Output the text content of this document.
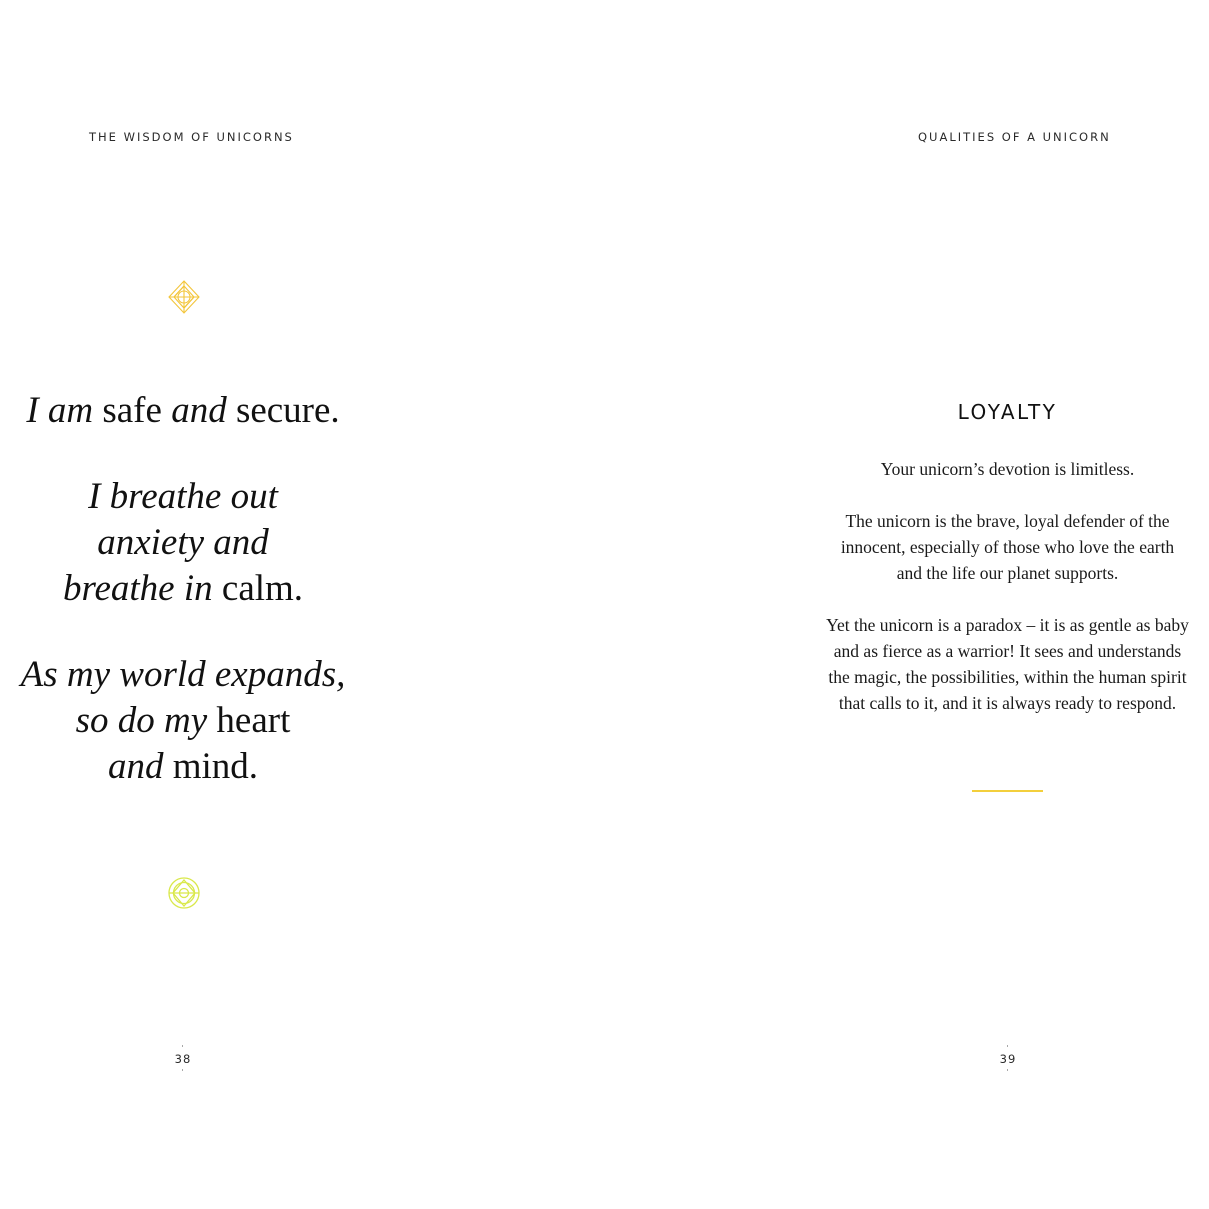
THE WISDOM OF UNICORNS
I am safe and secure.
I breathe out
anxiety and
breathe in calm.
As my world expands,
so do my heart
and mind.
·
38
·
QUALITIES OF A UNICORN
LOYALTY

Your unicorn’s devotion is limitless.

The unicorn is the brave, loyal defender of the
innocent, especially of those who love the earth
and the life our planet supports.

Yet the unicorn is a paradox – it is as gentle as baby
and as fierce as a warrior! It sees and understands
the magic, the possibilities, within the human spirit
that calls to it, and it is always ready to respond.

·
39
·
